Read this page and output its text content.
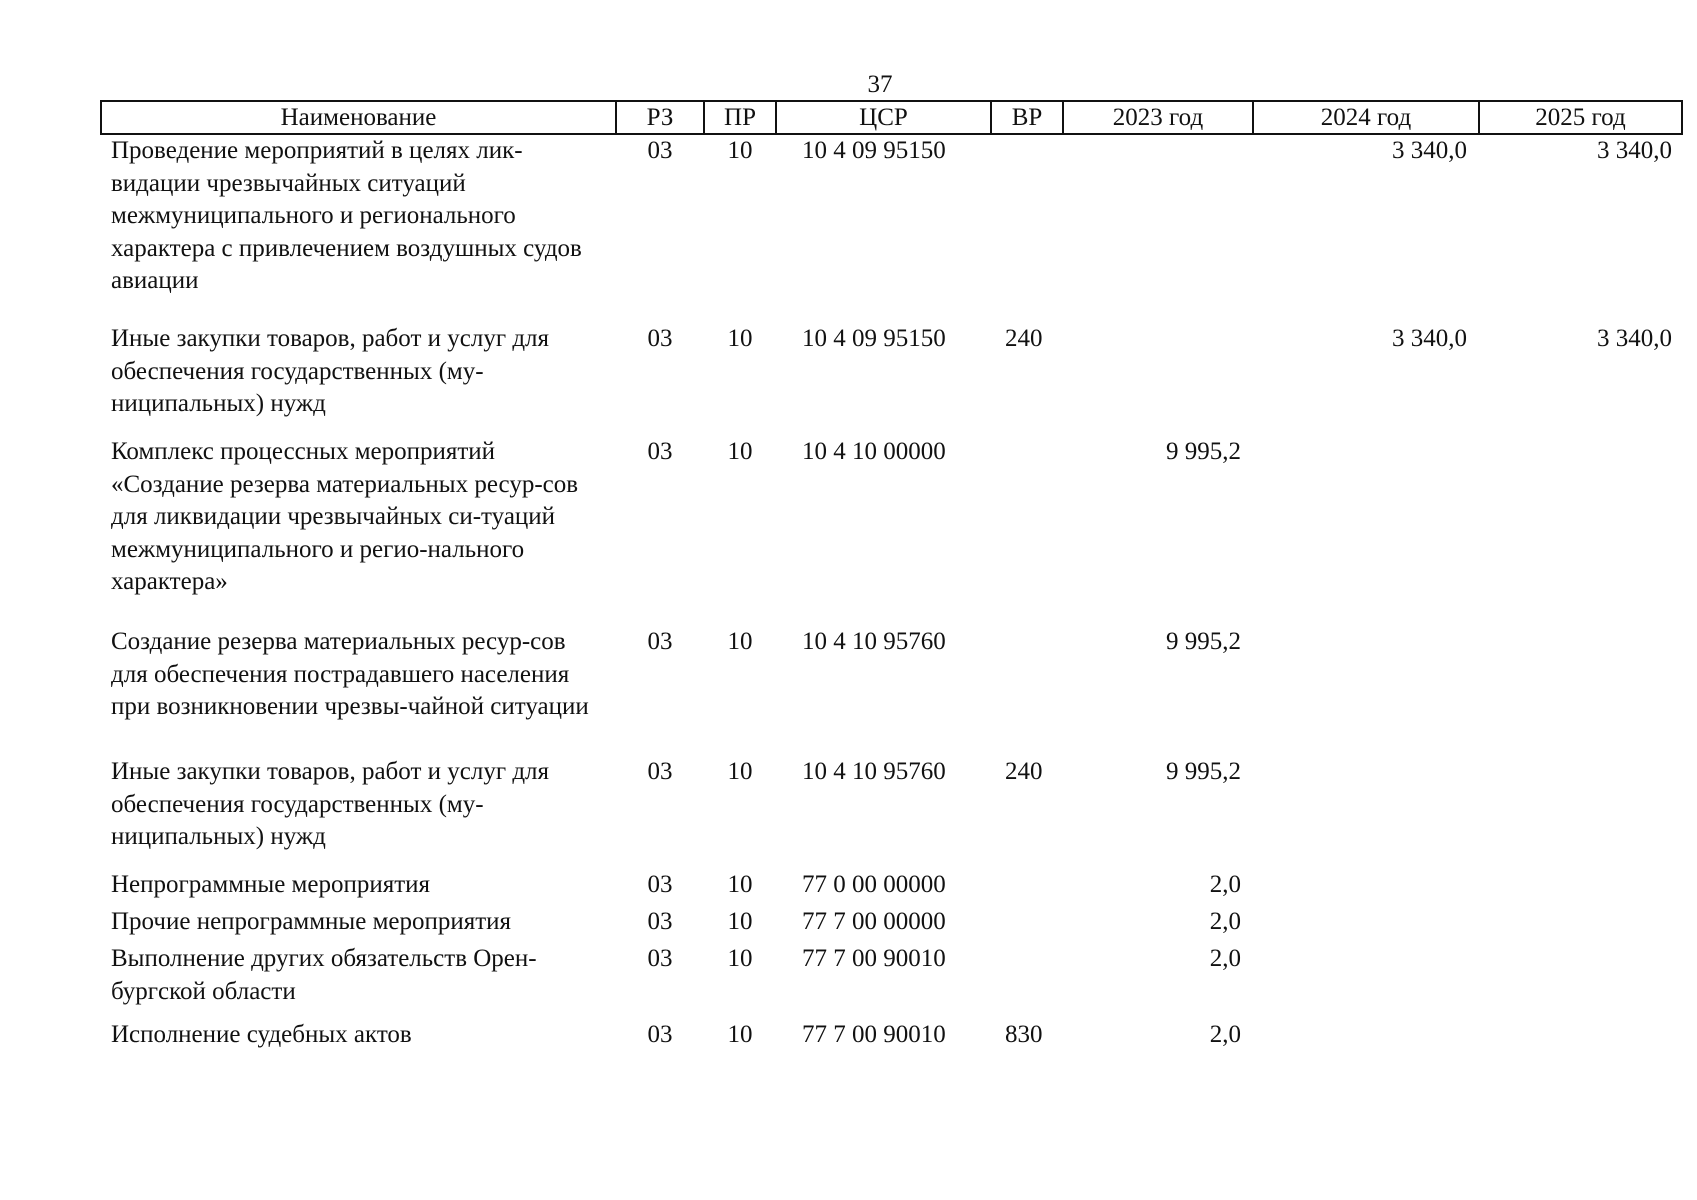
37
Наименование	РЗ	ПР	ЦСР	ВР	2023 год	2024 год	2025 год
Проведение мероприятий в целях лик-видации чрезвычайных ситуаций межмуниципального и регионального характера с привлечением воздушных судов авиации	03	10	10 4 09 95150			3 340,0	3 340,0
Иные закупки товаров, работ и услуг для обеспечения государственных (му-ниципальных) нужд	03	10	10 4 09 95150	240		3 340,0	3 340,0
Комплекс процессных мероприятий «Создание резерва материальных ресур-сов для ликвидации чрезвычайных си-туаций межмуниципального и регио-нального характера»	03	10	10 4 10 00000		9 995,2		
Создание резерва материальных ресур-сов для обеспечения пострадавшего населения при возникновении чрезвы-чайной ситуации	03	10	10 4 10 95760		9 995,2		
Иные закупки товаров, работ и услуг для обеспечения государственных (му-ниципальных) нужд	03	10	10 4 10 95760	240	9 995,2		
Непрограммные мероприятия	03	10	77 0 00 00000		2,0		
Прочие непрограммные мероприятия	03	10	77 7 00 00000		2,0		
Выполнение других обязательств Орен-бургской области	03	10	77 7 00 90010		2,0		
Исполнение судебных актов	03	10	77 7 00 90010	830	2,0		
